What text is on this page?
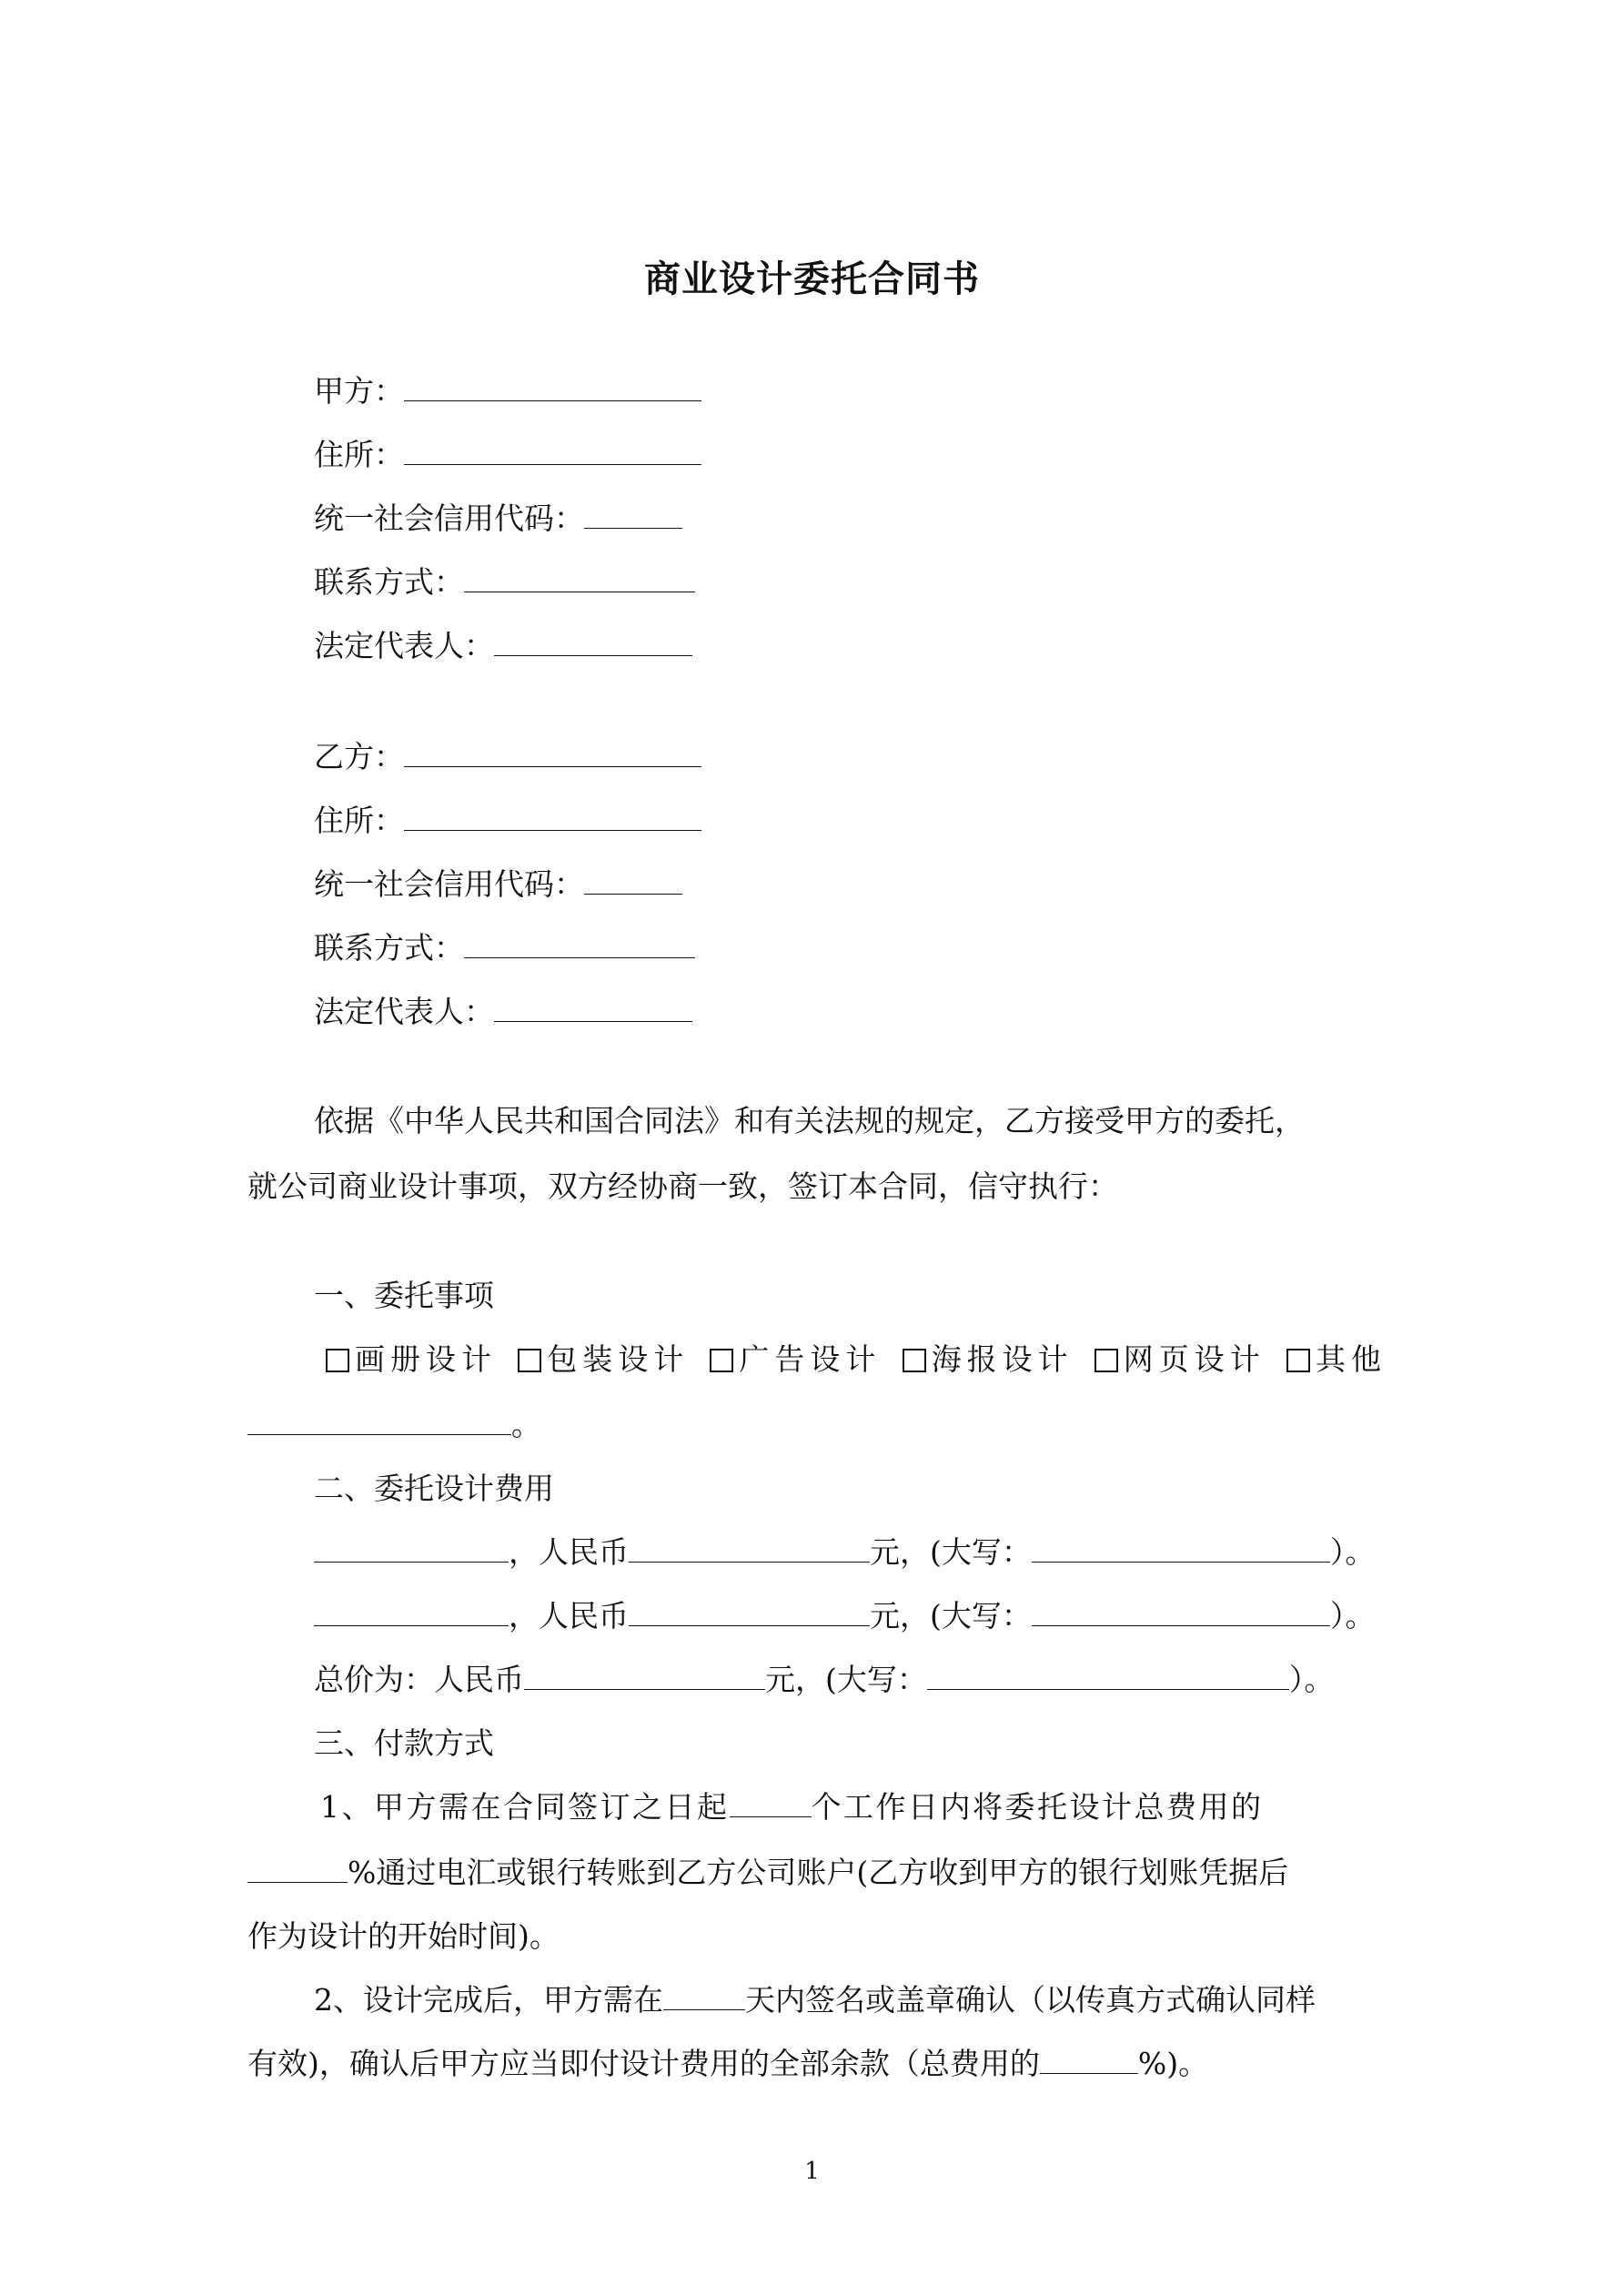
商业设计委托合同书
甲方：
住所：
统一社会信用代码：
联系方式：
法定代表人：
乙方：
住所：
统一社会信用代码：
联系方式：
法定代表人：
依据《中华人民共和国合同法》和有关法规的规定，乙方接受甲方的委托，
就公司商业设计事项，双方经协商一致，签订本合同，信守执行：
一、委托事项
画册设计	包装设计	广告设计	海报设计	网页设计	其他
。
二、委托设计费用
，人民币	元，(大写：	）。
，人民币	元，(大写：	）。
总价为：人民币	元，(大写：	）。
三、付款方式
1、甲方需在合同签订之日起	个工作日内将委托设计总费用的
%通过电汇或银行转账到乙方公司账户(乙方收到甲方的银行划账凭据后
作为设计的开始时间)。
2、设计完成后，甲方需在	天内签名或盖章确认（以传真方式确认同样
有效)，确认后甲方应当即付设计费用的全部余款（总费用的	%)。
1
